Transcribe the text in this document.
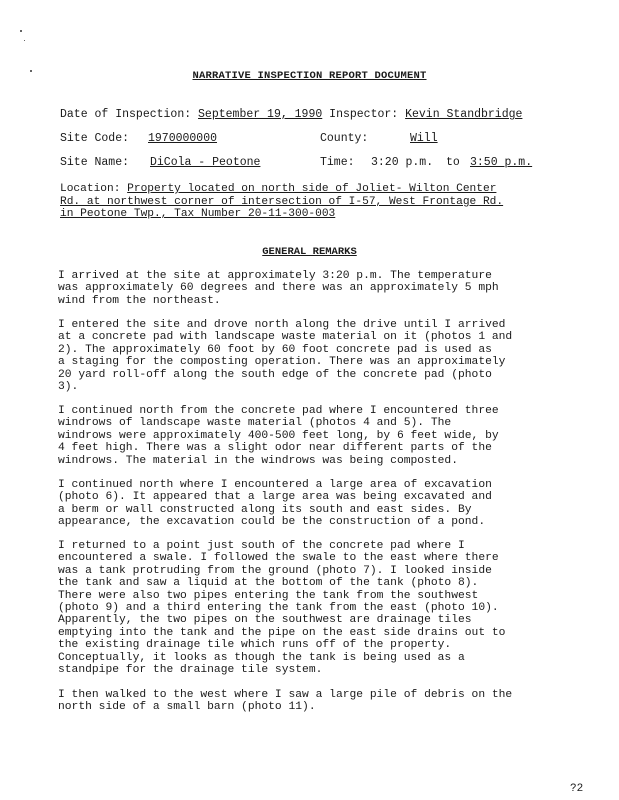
NARRATIVE INSPECTION REPORT DOCUMENT
Date of Inspection: September 19, 1990 Inspector: Kevin Standbridge
Site Code: 1970000000	County:	Will
Site Name: DiCola - Peotone	Time: 3:20 p.m. to 3:50 p.m.
Location: Property located on north side of Joliet- Wilton Center
Rd. at northwest corner of intersection of I-57, West Frontage Rd.
in Peotone Twp., Tax Number 20-11-300-003
GENERAL REMARKS
I arrived at the site at approximately 3:20 p.m. The temperature
was approximately 60 degrees and there was an approximately 5 mph
wind from the northeast.
I entered the site and drove north along the drive until I arrived
at a concrete pad with landscape waste material on it (photos 1 and
2). The approximately 60 foot by 60 foot concrete pad is used as
a staging for the composting operation. There was an approximately
20 yard roll-off along the south edge of the concrete pad (photo
3).
I continued north from the concrete pad where I encountered three
windrows of landscape waste material (photos 4 and 5). The
windrows were approximately 400-500 feet long, by 6 feet wide, by
4 feet high. There was a slight odor near different parts of the
windrows. The material in the windrows was being composted.
I continued north where I encountered a large area of excavation
(photo 6). It appeared that a large area was being excavated and
a berm or wall constructed along its south and east sides. By
appearance, the excavation could be the construction of a pond.
I returned to a point just south of the concrete pad where I
encountered a swale. I followed the swale to the east where there
was a tank protruding from the ground (photo 7). I looked inside
the tank and saw a liquid at the bottom of the tank (photo 8).
There were also two pipes entering the tank from the southwest
(photo 9) and a third entering the tank from the east (photo 10).
Apparently, the two pipes on the southwest are drainage tiles
emptying into the tank and the pipe on the east side drains out to
the existing drainage tile which runs off of the property.
Conceptually, it looks as though the tank is being used as a
standpipe for the drainage tile system.
I then walked to the west where I saw a large pile of debris on the
north side of a small barn (photo 11).
?2
